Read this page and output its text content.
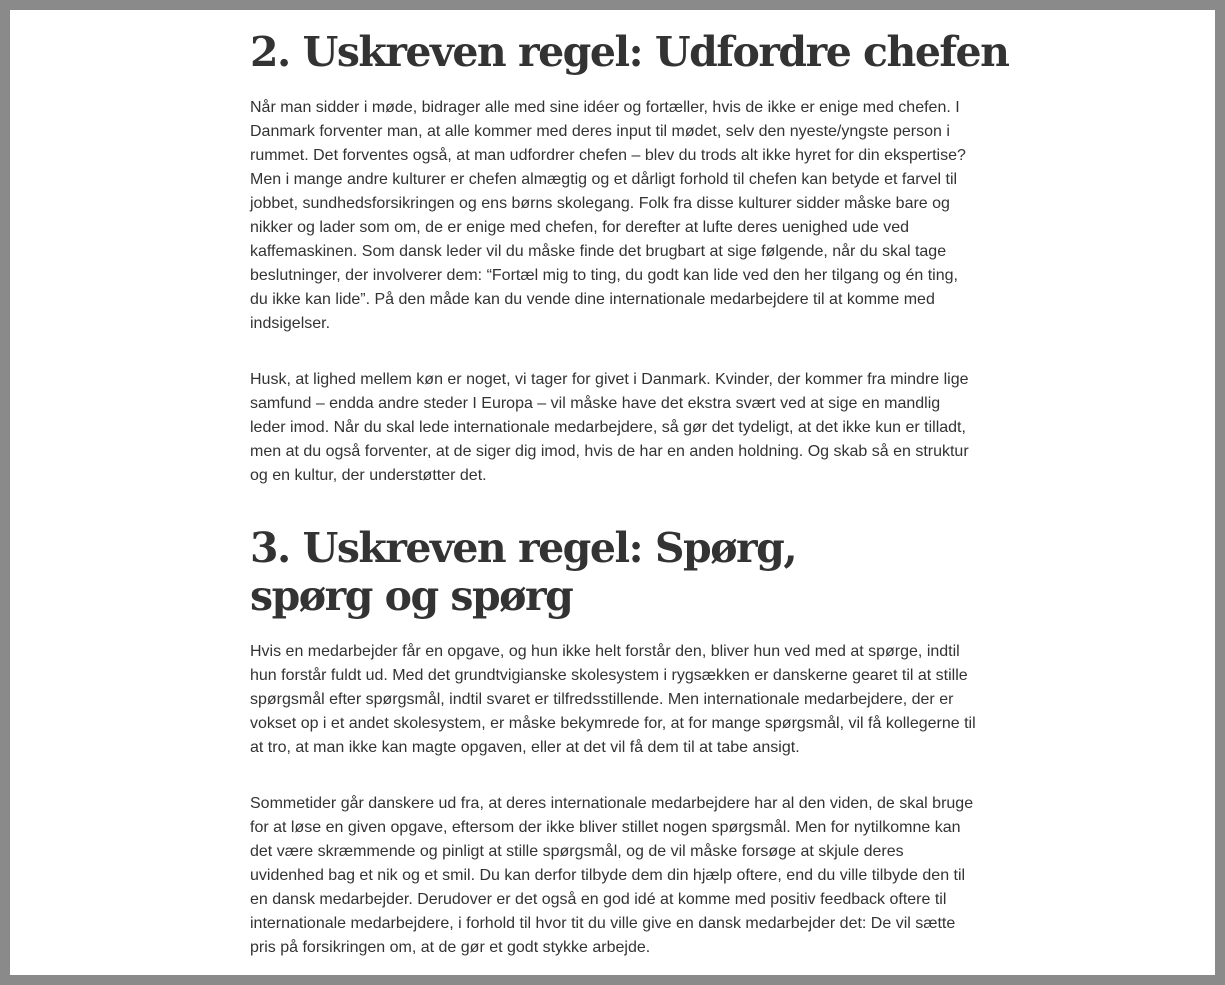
2. Uskreven regel: Udfordre chefen

Når man sidder i møde, bidrager alle med sine idéer og fortæller, hvis de ikke er enige med chefen. I Danmark forventer man, at alle kommer med deres input til mødet, selv den nyeste/yngste person i rummet. Det forventes også, at man udfordrer chefen – blev du trods alt ikke hyret for din ekspertise? Men i mange andre kulturer er chefen almægtig og et dårligt forhold til chefen kan betyde et farvel til jobbet, sundhedsforsikringen og ens børns skolegang. Folk fra disse kulturer sidder måske bare og nikker og lader som om, de er enige med chefen, for derefter at lufte deres uenighed ude ved kaffemaskinen. Som dansk leder vil du måske finde det brugbart at sige følgende, når du skal tage beslutninger, der involverer dem: “Fortæl mig to ting, du godt kan lide ved den her tilgang og én ting, du ikke kan lide”. På den måde kan du vende dine internationale medarbejdere til at komme med indsigelser.

Husk, at lighed mellem køn er noget, vi tager for givet i Danmark. Kvinder, der kommer fra mindre lige samfund – endda andre steder I Europa – vil måske have det ekstra svært ved at sige en mandlig leder imod. Når du skal lede internationale medarbejdere, så gør det tydeligt, at det ikke kun er tilladt, men at du også forventer, at de siger dig imod, hvis de har en anden holdning. Og skab så en struktur og en kultur, der understøtter det.

3. Uskreven regel: Spørg, spørg og spørg

Hvis en medarbejder får en opgave, og hun ikke helt forstår den, bliver hun ved med at spørge, indtil hun forstår fuldt ud. Med det grundtvigianske skolesystem i rygsækken er danskerne gearet til at stille spørgsmål efter spørgsmål, indtil svaret er tilfredsstillende. Men internationale medarbejdere, der er vokset op i et andet skolesystem, er måske bekymrede for, at for mange spørgsmål, vil få kollegerne til at tro, at man ikke kan magte opgaven, eller at det vil få dem til at tabe ansigt.

Sommetider går danskere ud fra, at deres internationale medarbejdere har al den viden, de skal bruge for at løse en given opgave, eftersom der ikke bliver stillet nogen spørgsmål. Men for nytilkomne kan det være skræmmende og pinligt at stille spørgsmål, og de vil måske forsøge at skjule deres uvidenhed bag et nik og et smil. Du kan derfor tilbyde dem din hjælp oftere, end du ville tilbyde den til en dansk medarbejder. Derudover er det også en god idé at komme med positiv feedback oftere til internationale medarbejdere, i forhold til hvor tit du ville give en dansk medarbejder det: De vil sætte pris på forsikringen om, at de gør et godt stykke arbejde.
